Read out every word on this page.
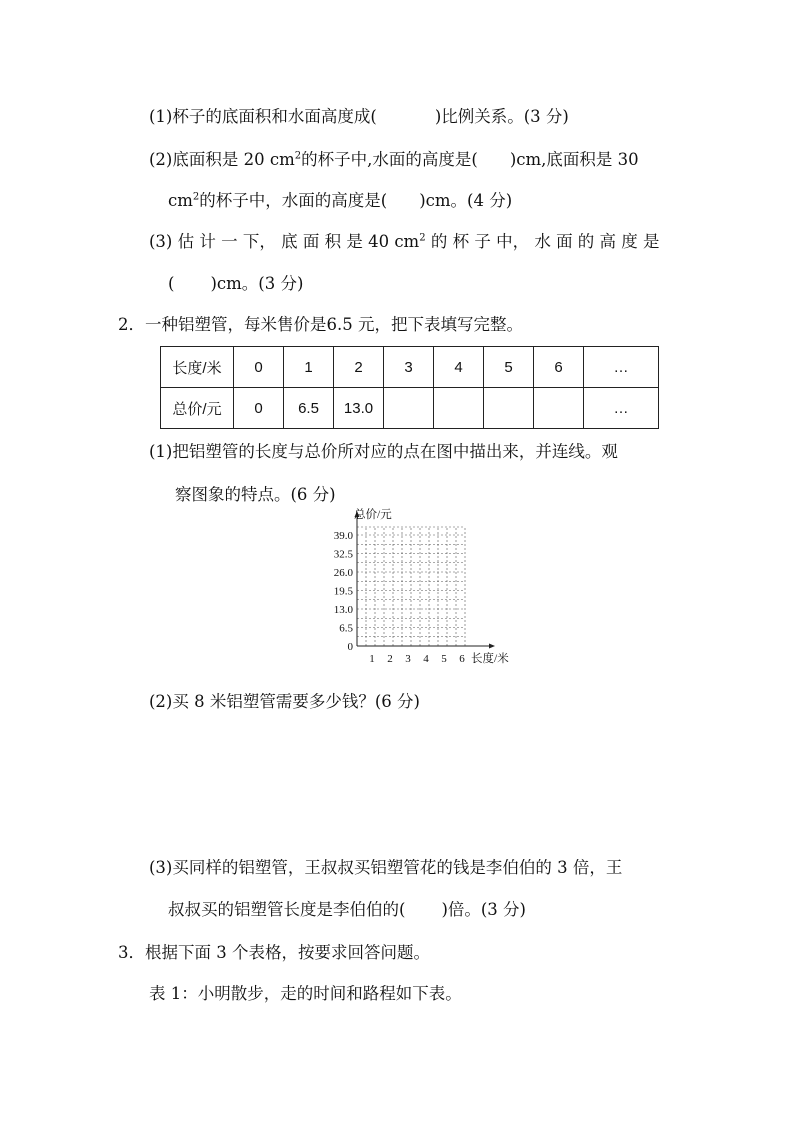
(1)杯子的底面积和水面高度成(	)比例关系。(3 分)
(2)底面积是 20 $cm^2$的杯子中,水面的高度是( )cm,底面积是 30
$cm^2$的杯子中，水面的高度是( )cm。(4 分)
(3) 估 计 一 下， 底 面 积 是 40 $cm^2$ 的 杯 子 中， 水 面 的 高 度 是
( )cm。(3 分)
2．一种铝塑管，每米售价是6.5 元，把下表填写完整。
长度/米	0	1	2	3	4	5	6	…
总价/元	0	6.5	13.0					…
(1)把铝塑管的长度与总价所对应的点在图中描出来，并连线。观
察图象的特点。(6 分)
0
6.5
13.0
19.5
26.0
32.5
39.0
1 2 3 4 5 6 长度/米
总价/元
(2)买 8 米铝塑管需要多少钱？(6 分)
(3)买同样的铝塑管，王叔叔买铝塑管花的钱是李伯伯的 3 倍，王
叔叔买的铝塑管长度是李伯伯的( )倍。(3 分)
3．根据下面 3 个表格，按要求回答问题。
表 1：小明散步，走的时间和路程如下表。
